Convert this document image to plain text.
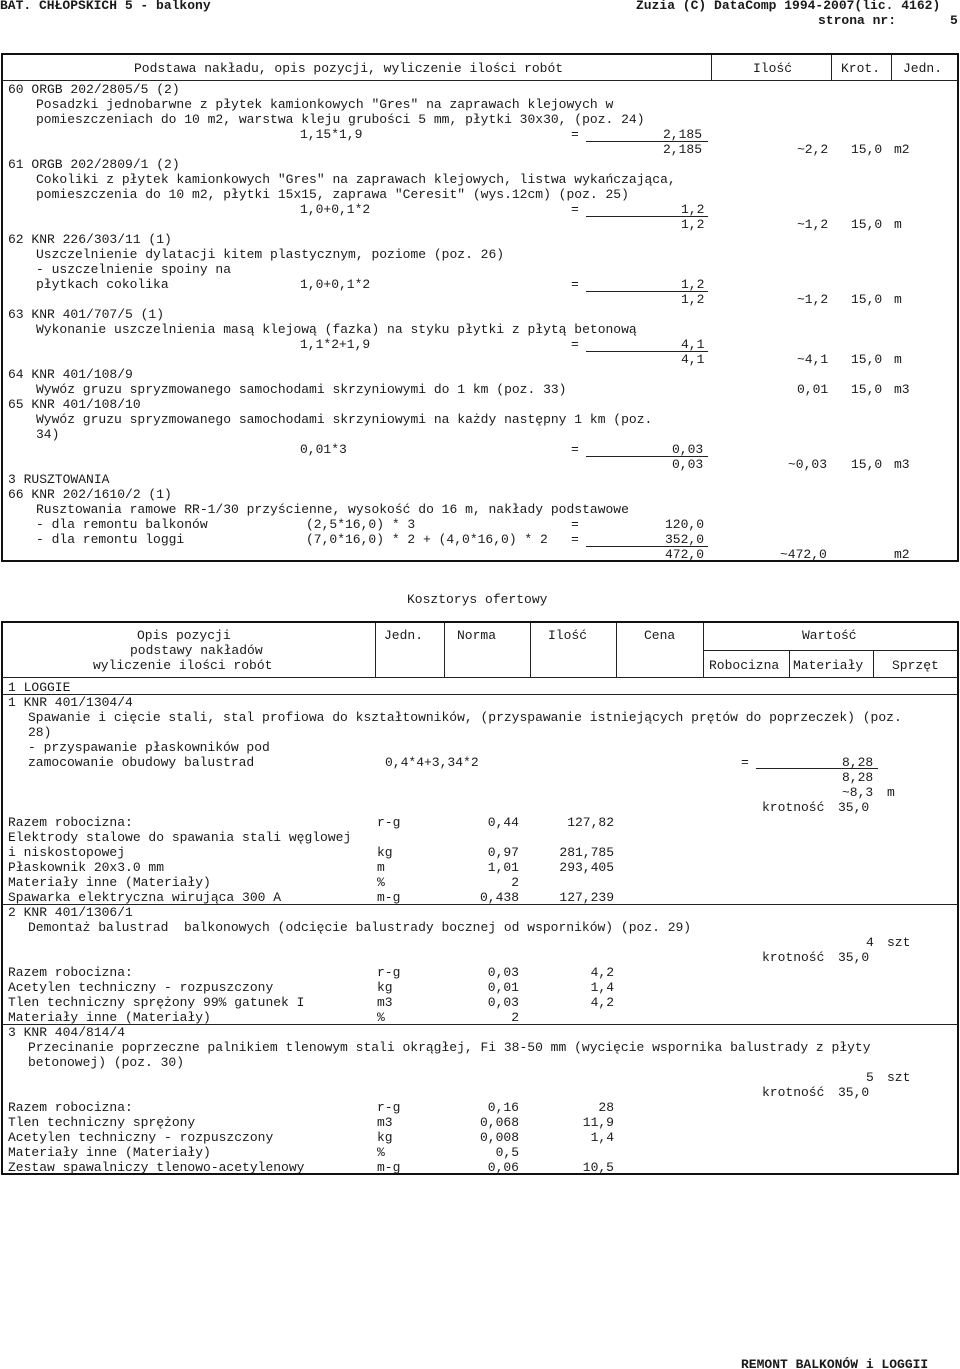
BAT. CHŁOPSKICH 5 - balkony	Zuzia (C) DataComp 1994-2007(lic. 4162)
strona nr:	5
Podstawa nakładu, opis pozycji, wyliczenie ilości robót	Ilość	Krot. Jedn.
60 ORGB 202/2805/5 (2)
Posadzki jednobarwne z płytek kamionkowych "Gres" na zaprawach klejowych w
pomieszczeniach do 10 m2, warstwa kleju grubości 5 mm, płytki 30x30, (poz. 24)
1,15*1,9	=	2,185
2,185	~2,2 15,0 m2
61 ORGB 202/2809/1 (2)
Cokoliki z płytek kamionkowych "Gres" na zaprawach klejowych, listwa wykańczająca,
pomieszczenia do 10 m2, płytki 15x15, zaprawa "Ceresit" (wys.12cm) (poz. 25)
1,0+0,1*2	=	1,2
1,2	~1,2 15,0 m
62 KNR 226/303/11 (1)
Uszczelnienie dylatacji kitem plastycznym, poziome (poz. 26)
- uszczelnienie spoiny na
płytkach cokolika	1,0+0,1*2	=	1,2
1,2	~1,2 15,0 m
63 KNR 401/707/5 (1)
Wykonanie uszczelnienia masą klejową (fazka) na styku płytki z płytą betonową
1,1*2+1,9	=	4,1
4,1	~4,1 15,0 m
64 KNR 401/108/9
Wywóz gruzu spryzmowanego samochodami skrzyniowymi do 1 km (poz. 33)	0,01 15,0 m3
65 KNR 401/108/10
Wywóz gruzu spryzmowanego samochodami skrzyniowymi na każdy następny 1 km (poz.
34)
0,01*3	=	0,03
0,03	~0,03 15,0 m3
3 RUSZTOWANIA
66 KNR 202/1610/2 (1)
Rusztowania ramowe RR-1/30 przyścienne, wysokość do 16 m, nakłady podstawowe
- dla remontu balkonów	(2,5*16,0) * 3	=	120,0
- dla remontu loggi	(7,0*16,0) * 2 + (4,0*16,0) * 2 =	352,0
472,0	~472,0	m2
Kosztorys ofertowy
Opis pozycji
podstawy nakładów
wyliczenie ilości robót
Jedn.	Norma	Ilość	Cena	Wartość
Robocizna Materiały Sprzęt
1 LOGGIE
1 KNR 401/1304/4
Spawanie i cięcie stali, stal profiowa do kształtowników, (przyspawanie istniejących prętów do poprzeczek) (poz.
28)
- przyspawanie płaskowników pod
zamocowanie obudowy balustrad	0,4*4+3,34*2	=	8,28
8,28
~8,3 m
krotność 35,0
Razem robocizna:	r-g	0,44	127,82
Elektrody stalowe do spawania stali węglowej
i niskostopowej	kg	0,97	281,785
Płaskownik 20x3.0 mm	m	1,01	293,405
Materiały inne (Materiały)	%	2
Spawarka elektryczna wirująca 300 A	m-g	0,438	127,239
2 KNR 401/1306/1
Demontaż balustrad  balkonowych (odcięcie balustrady bocznej od wsporników) (poz. 29)
4 szt
krotność 35,0
Razem robocizna:	r-g	0,03	4,2
Acetylen techniczny - rozpuszczony	kg	0,01	1,4
Tlen techniczny sprężony 99% gatunek I	m3	0,03	4,2
Materiały inne (Materiały)	%	2
3 KNR 404/814/4
Przecinanie poprzeczne palnikiem tlenowym stali okrągłej, Fi 38-50 mm (wycięcie wspornika balustrady z płyty
betonowej) (poz. 30)
5 szt
krotność 35,0
Razem robocizna:	r-g	0,16	28
Tlen techniczny sprężony	m3	0,068	11,9
Acetylen techniczny - rozpuszczony	kg	0,008	1,4
Materiały inne (Materiały)	%	0,5
Zestaw spawalniczy tlenowo-acetylenowy	m-g	0,06	10,5
REMONT BALKONÓW i LOGGII
